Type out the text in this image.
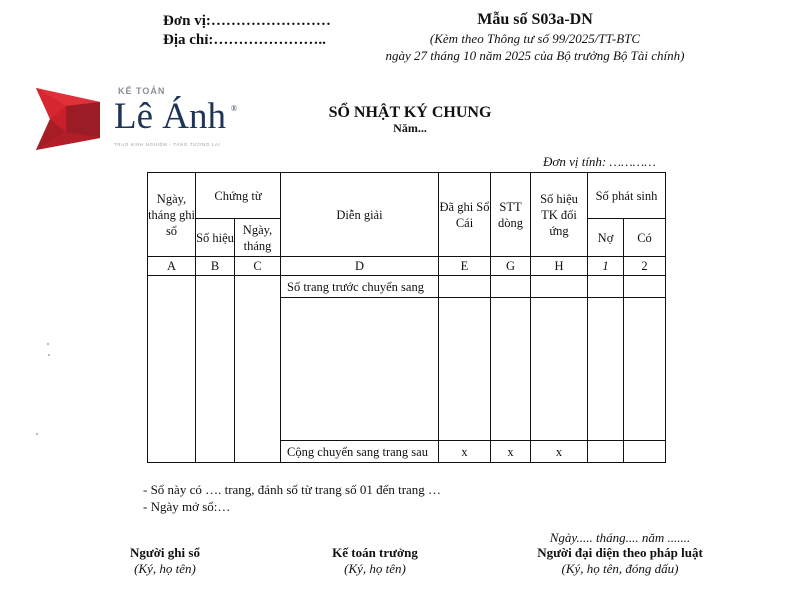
Đơn vị:……………………
Địa chỉ:…………………..
Mẫu số S03a-DN
(Kèm theo Thông tư số 99/2025/TT-BTC
ngày 27 tháng 10 năm 2025 của Bộ trưởng Bộ Tài chính)
KẾ TOÁN
Lê Ánh ®
TRAO KINH NGHIỆM - TĂNG TƯƠNG LAI
SỔ NHẬT KÝ CHUNG
Năm...
Đơn vị tính: …………
Ngày, tháng ghi sổ	Chứng từ		Diễn giải	Đã ghi Sổ Cái	STT dòng	Số hiệu TK đối ứng	Số phát sinh	
	Số hiệu	Ngày, tháng					Nợ	Có
A	B	C	D	E	G	H	1	2
			Số trang trước chuyển sang					

			Cộng chuyển sang trang sau	x	x	x		
- Sổ này có …. trang, đánh số từ trang số 01 đến trang …
- Ngày mở sổ:…
Ngày..... tháng.... năm .......
Người ghi sổ
(Ký, họ tên)
Kế toán trưởng
(Ký, họ tên)
Người đại diện theo pháp luật
(Ký, họ tên, đóng dấu)
